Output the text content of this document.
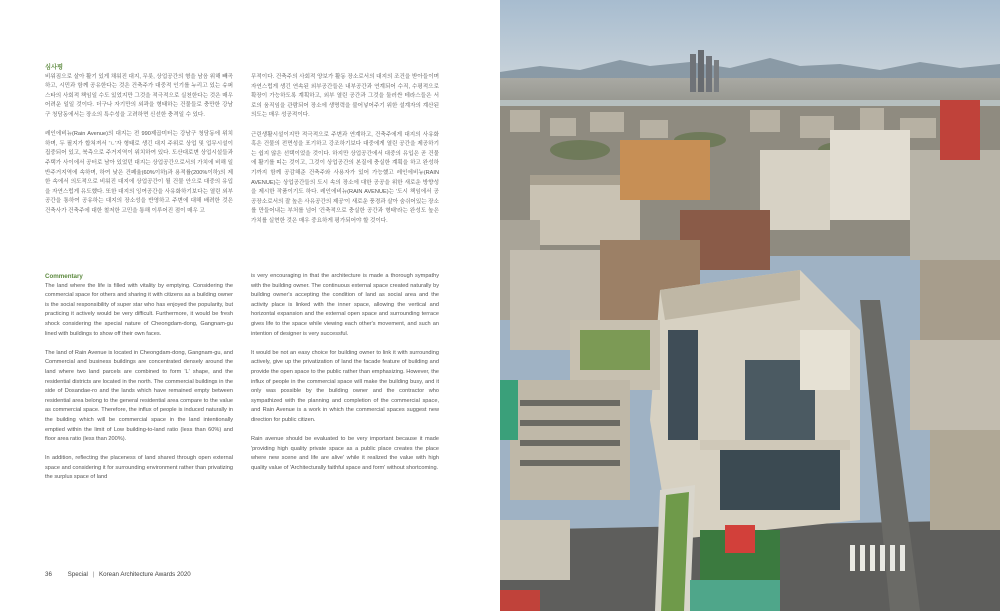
심사평
비워짐으로 살아 활기 있게 채워진 대지, 무릇, 상업공간의 형을 남음 위해 빼곡하고, 시민과 함께 공유한다는 것은 건축주가 대중적 인기를 누리고 있는 슈퍼스타의 사회적 책임일 수도 있었지만 그것을 적극적으로 실천한다는 것은 매우 어려운 일일 것이다. 더구나 자기만의 외곽을 형태하는 건물들로 충만한 강남구 청담동에서는 장소의 특수성을 고려하면 신선한 충격일 수 있다.
레인에비뉴(Rain Avenue)의 대지는 전 990제곱미터는 강남구 청담동에 위치하며, 두 필지가 합쳐져서 'ㄴ'자 형태로 생긴 대지 주위로 상업 및 업무시설이 집중되어 있고, 북측으로 주거지역이 위치하여 있다. 도산대로변 상업시설들과 주택가 사이에서 공터로 남아 있었던 대지는 상업공간으로서의 가치에 비해 일반주거지역에 속하며, 하여 낮은 건폐율(60%이하)과 용적률(200%이하)의 제한 속에서 의도적으로 비워진 대지에 상업공간이 될 건물 안으로 대중의 유입을 자연스럽게 유도했다. 또한 대지의 잉여공간을 사유화하기보다는 열린 외부공간을 통하여 공유하는 대지의 장소성을 반영하고 주변에 대해 배려한 것은 건축사가 건축주에 대한 철저한 고민을 통해 이루어진 점이 매우 고
무적이다. 건축주의 사회적 양보가 활동 장소로서의 대지의 조건을 받아들이며 자연스럽게 생긴 연속된 외부공간들은 내부공간과 연계되어 수직, 수평적으로 확장이 가능하도록 계획하고, 외부 열린 공간과 그것을 둘러싼 테라스들은 서로의 움직임을 관람되어 장소에 생명력을 불어넣어주기 위한 설계자의 계산된 의도는 매우 성공적이다.
근린생활시설이지만 적극적으로 주변과 연계하고, 건축주에게 대지의 사유화 혹은 건물의 전면성을 포기하고 강조하기보다 대중에게 열린 공간을 제공하기는 쉽지 않은 선택이었을 것이다. 하지만 상업공간에서 대중의 유입은 곧 건물에 활기를 띠는 것이고, 그것이 상업공간의 본질에 충실한 계획을 하고 완성하기까지 함께 공감해준 건축주와 사용자가 있어 가능했고 레인에비뉴(RAIN AVENUE)는 상업공간들의 도시 속의 장소에 대한 공공을 위한 새로운 방향성을 제시한 작품이기도 하다. 레인에비뉴(RAIN AVENUE)는 '도시 책임에서 공공장소로서의 잘 높은 사유공간의 제공'이 새로운 풍경과 살아 숨쉬어있는 장소를 만들어내는 부처를 넘어 '건축적으로 충실한 공간과 형태'라는 완성도 높은 가치를 실현한 것은 매우 중요하게 평가되어야 할 것이다.
Commentary
The land where the life is filled with vitality by emptying. Considering the commercial space for others and sharing it with citizens as a building owner is the social responsibility of super star who has enjoyed the popularity, but practicing it actively would be very difficult. Furthermore, it would be fresh shock considering the special nature of Cheongdam-dong, Gangnam-gu lined with buildings to show off their own faces.
The land of Rain Avenue is located in Cheongdam-dong, Gangnam-gu, and Commercial and business buildings are concentrated densely around the land where two land parcels are combined to form 'L' shape, and the residential districts are located in the north. The commercial buildings in the side of Dosandae-ro and the lands which have remained empty between residential area belong to the general residential area compare to the value as commercial space. Therefore, the influx of people is induced naturally in the building which will be commercial space in the land intentionally emptied within the limit of Low building-to-land ratio (less than 60%) and floor area ratio (less than 200%).
In addition, reflecting the placeness of land shared through open external space and considering it for surrounding environment rather than privatizing the surplus space of land
is very encouraging in that the architecture is made a thorough sympathy with the building owner. The continuous external space created naturally by building owner's accepting the condition of land as social area and the activity place is linked with the inner space, allowing the vertical and horizontal expansion and the external open space and surrounding terrace gives life to the space while viewing each other's movement, and such an intention of designer is very successful.
It would be not an easy choice for building owner to link it with surrounding actively, give up the privatization of land the facade feature of building and provide the open space to the public rather than emphasizing. However, the influx of people in the commercial space will make the building busy, and it only was possible by the building owner and the contractor who sympathized with the planning and completion of the commercial space, and Rain Avenue is a work in which the commercial spaces suggest new direction for public citizen.
Rain avenue should be evaluated to be very important because it made 'providing high quality private space as a public place creates the place where new scene and life are alive' while it realized the value with high quality value of 'Architecturally faithful space and form' without shortcoming.
36	Special | Korean Architecture Awards 2020
